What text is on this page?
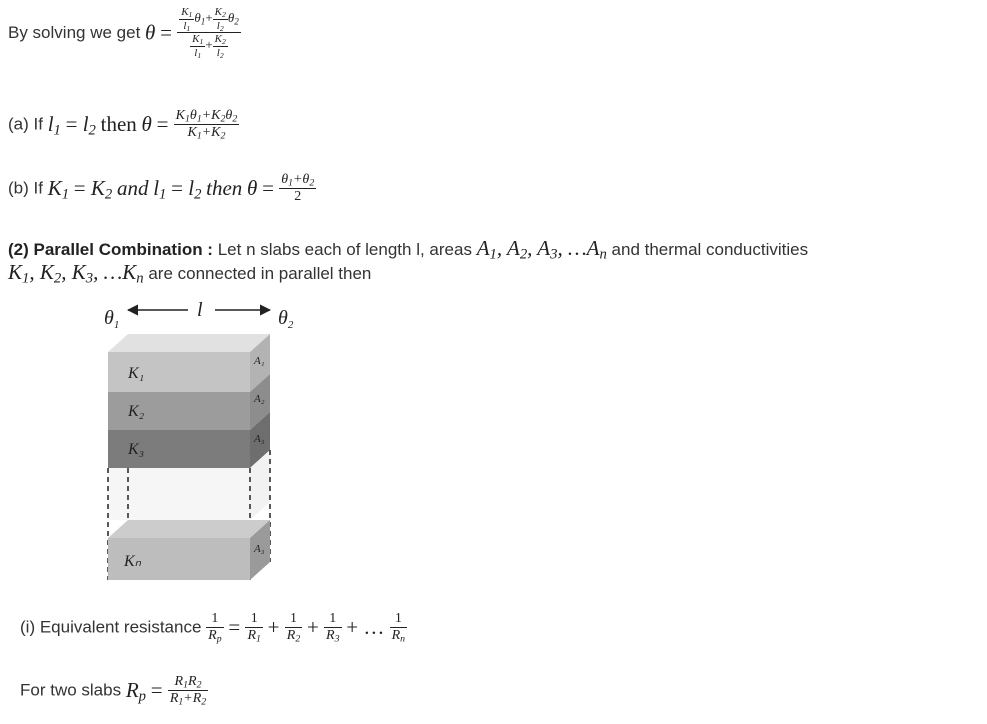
By solving we get $\theta = \frac{\frac{K_1}{l_1} \theta_1+ \frac{K_2}{l_2} \theta_2}{\frac{K_1}{l_1} + \frac{K_2}{l_2}}$
(a) If $l_1 = l_2$ then $\theta = \frac{K_1\theta_1+K_2\theta_2}{K_1+K_2}$
(b) If $K_1 = K_2$ and $l_1 = l_2$ then $\theta = \frac{\theta_1+\theta_2}{2}$
(2) Parallel Combination : Let n slabs each of length l, areas $A_1$, $A_2$, $A_3$, $\dots A_n$ and thermal conductivities
$K_1$, $K_2$, $K_3$, $\dots K_n$ are connected in parallel then
$\theta_1$
l	$\theta_2$
K₁
K₂
K₃
Kₙ
A₁
A₂
A₃
A₃
(i) Equivalent resistance $\frac{1}{R_p} = \frac{1}{R_1} + \frac{1}{R_2} + \frac{1}{R_3}$ + … $\frac{1}{R_n}$
For two slabs $R_p = \frac{R_1R_2}{R_1+R_2}$
